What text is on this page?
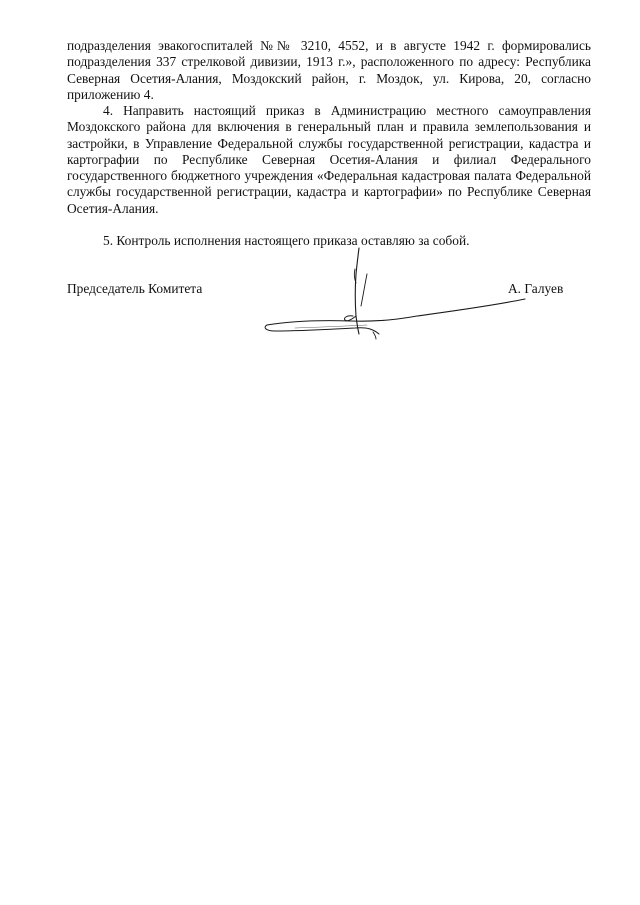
подразделения эвакогоспиталей №№ 3210, 4552, и в августе 1942 г. формировались подразделения 337 стрелковой дивизии, 1913 г.», расположенного по адресу: Республика Северная Осетия-Алания, Моздокский район, г. Моздок, ул. Кирова, 20, согласно приложению 4.

4. Направить настоящий приказ в Администрацию местного самоуправления Моздокского района для включения в генеральный план и правила землепользования и застройки, в Управление Федеральной службы государственной регистрации, кадастра и картографии по Республике Северная Осетия-Алания и филиал Федерального государственного бюджетного учреждения «Федеральная кадастровая палата Федеральной службы государственной регистрации, кадастра и картографии» по Республике Северная Осетия-Алания.

5. Контроль исполнения настоящего приказа оставляю за собой.

Председатель Комитета	А. Галуев
